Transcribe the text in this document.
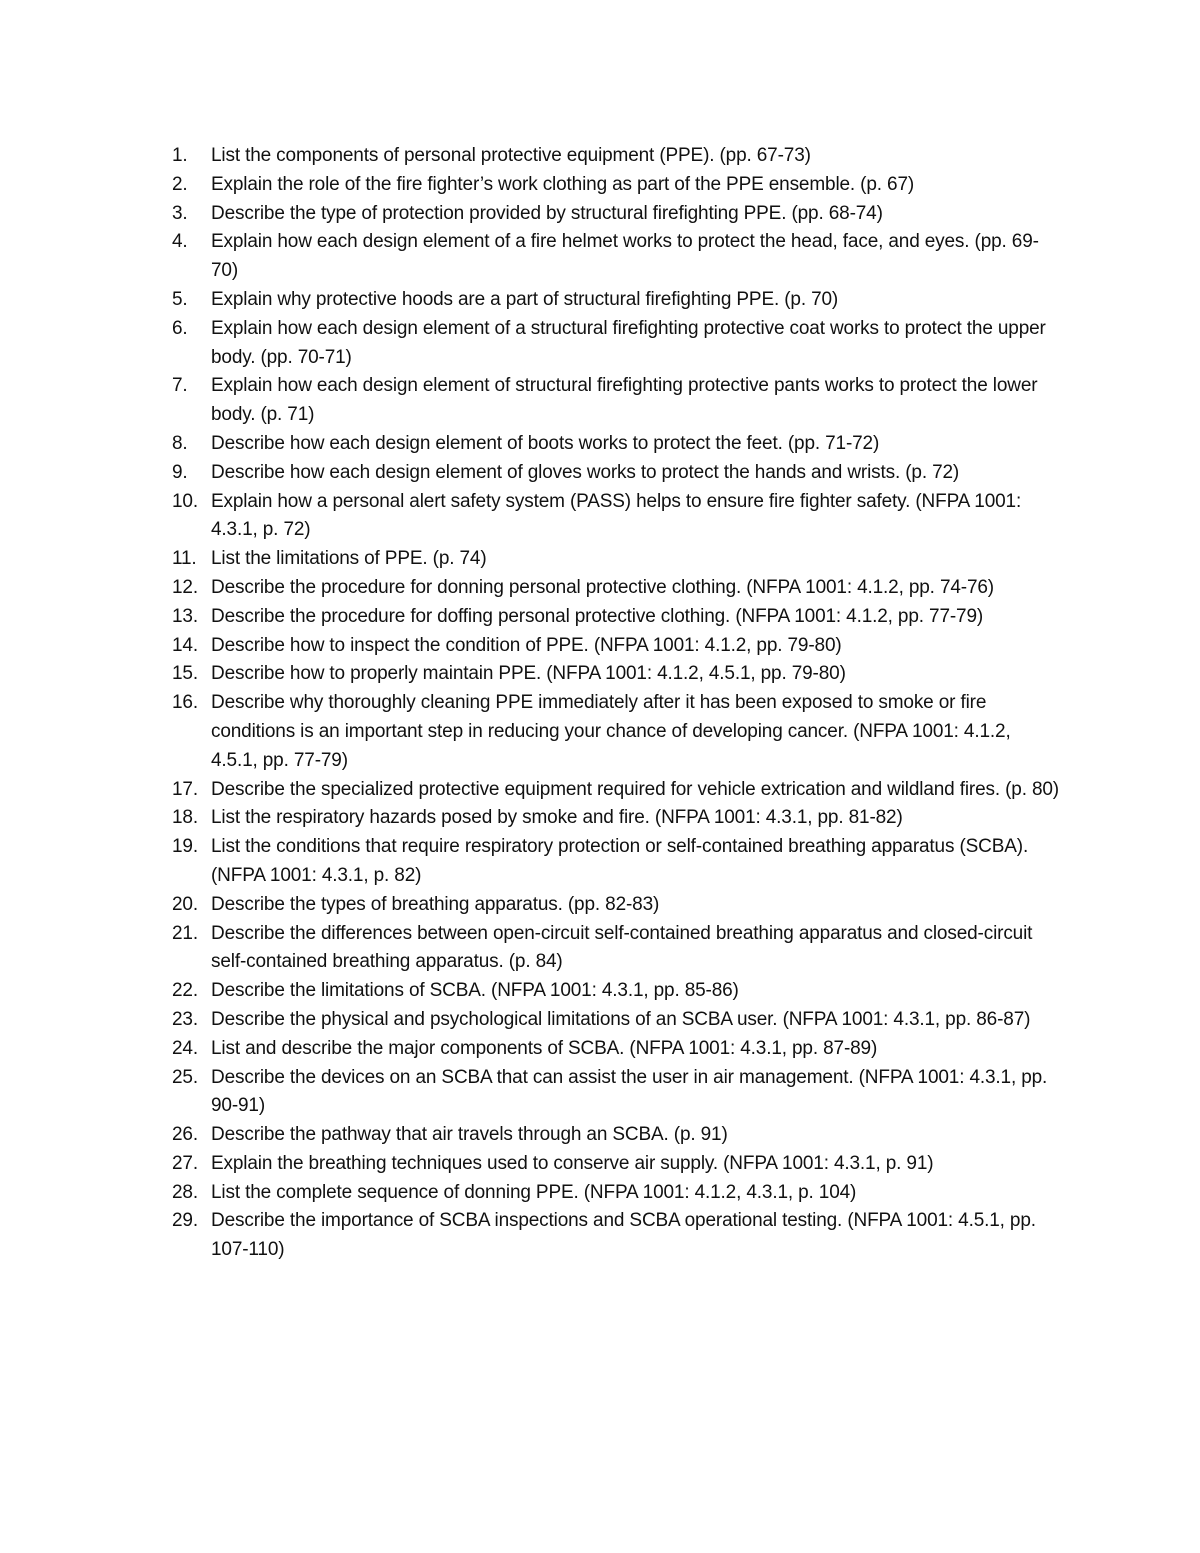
1.	List the components of personal protective equipment (PPE). (pp. 67-73)
2.	Explain the role of the fire fighter’s work clothing as part of the PPE ensemble. (p. 67)
3.	Describe the type of protection provided by structural firefighting PPE. (pp. 68-74)
4.	Explain how each design element of a fire helmet works to protect the head, face, and eyes. (pp. 69-70)
5.	Explain why protective hoods are a part of structural firefighting PPE. (p. 70)
6.	Explain how each design element of a structural firefighting protective coat works to protect the upper body. (pp. 70-71)
7.	Explain how each design element of structural firefighting protective pants works to protect the lower body. (p. 71)
8.	Describe how each design element of boots works to protect the feet. (pp. 71-72)
9.	Describe how each design element of gloves works to protect the hands and wrists. (p. 72)
10. Explain how a personal alert safety system (PASS) helps to ensure fire fighter safety. (NFPA 1001: 4.3.1, p. 72)
11. List the limitations of PPE. (p. 74)
12. Describe the procedure for donning personal protective clothing. (NFPA 1001: 4.1.2, pp. 74-76)
13. Describe the procedure for doffing personal protective clothing. (NFPA 1001: 4.1.2, pp. 77-79)
14. Describe how to inspect the condition of PPE. (NFPA 1001: 4.1.2, pp. 79-80)
15. Describe how to properly maintain PPE. (NFPA 1001: 4.1.2, 4.5.1, pp. 79-80)
16. Describe why thoroughly cleaning PPE immediately after it has been exposed to smoke or fire conditions is an important step in reducing your chance of developing cancer. (NFPA 1001: 4.1.2, 4.5.1, pp. 77-79)
17. Describe the specialized protective equipment required for vehicle extrication and wildland fires. (p. 80)
18. List the respiratory hazards posed by smoke and fire. (NFPA 1001: 4.3.1, pp. 81-82)
19. List the conditions that require respiratory protection or self-contained breathing apparatus (SCBA). (NFPA 1001: 4.3.1, p. 82)
20. Describe the types of breathing apparatus. (pp. 82-83)
21. Describe the differences between open-circuit self-contained breathing apparatus and closed-circuit self-contained breathing apparatus. (p. 84)
22. Describe the limitations of SCBA. (NFPA 1001: 4.3.1, pp. 85-86)
23. Describe the physical and psychological limitations of an SCBA user. (NFPA 1001: 4.3.1, pp. 86-87)
24. List and describe the major components of SCBA. (NFPA 1001: 4.3.1, pp. 87-89)
25. Describe the devices on an SCBA that can assist the user in air management. (NFPA 1001: 4.3.1, pp. 90-91)
26. Describe the pathway that air travels through an SCBA. (p. 91)
27. Explain the breathing techniques used to conserve air supply. (NFPA 1001: 4.3.1, p. 91)
28. List the complete sequence of donning PPE. (NFPA 1001: 4.1.2, 4.3.1, p. 104)
29. Describe the importance of SCBA inspections and SCBA operational testing. (NFPA 1001: 4.5.1, pp. 107-110)
